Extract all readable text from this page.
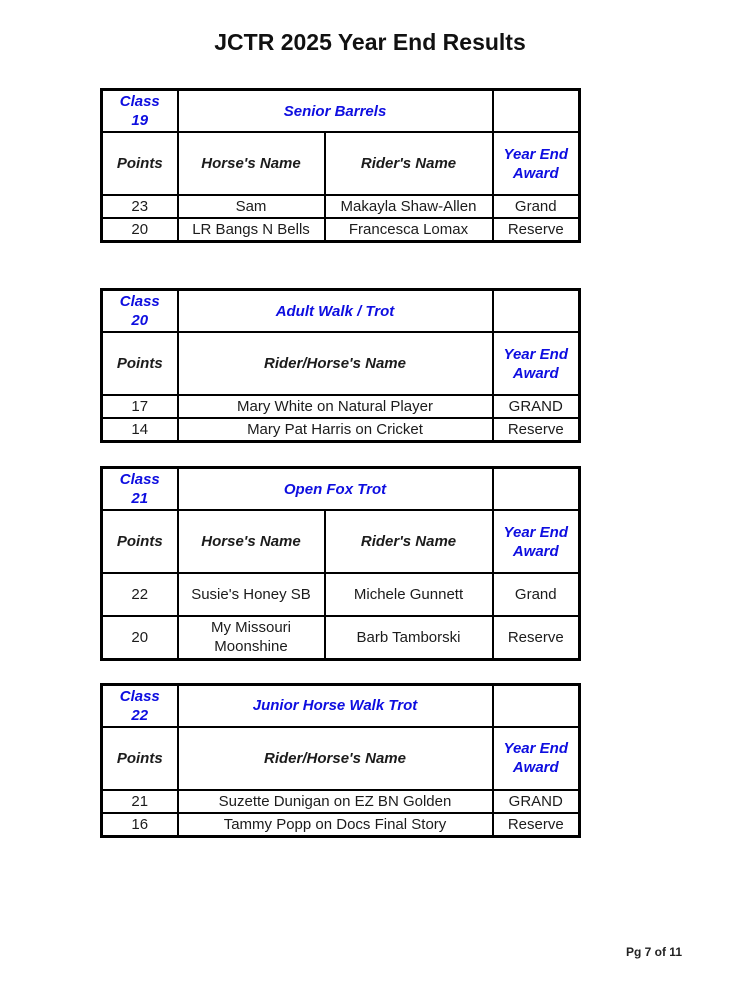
JCTR 2025 Year End Results
Class
19	Senior Barrels		
Points	Horse's Name	Rider's Name	Year End Award
23	Sam	Makayla Shaw-Allen	Grand
20	LR Bangs N Bells	Francesca Lomax	Reserve
Class
20	Adult Walk / Trot	
Points	Rider/Horse's Name	Year End Award
17	Mary White on Natural Player	GRAND
14	Mary Pat Harris on Cricket	Reserve
Class
21	Open Fox Trot		
Points	Horse's Name	Rider's Name	Year End Award
22	Susie's Honey SB	Michele Gunnett	Grand
20	My Missouri Moonshine	Barb Tamborski	Reserve
Class
22	Junior Horse Walk Trot	
Points	Rider/Horse's Name	Year End Award
21	Suzette Dunigan on EZ BN Golden	GRAND
16	Tammy Popp on Docs Final Story	Reserve
Pg 7 of 11
